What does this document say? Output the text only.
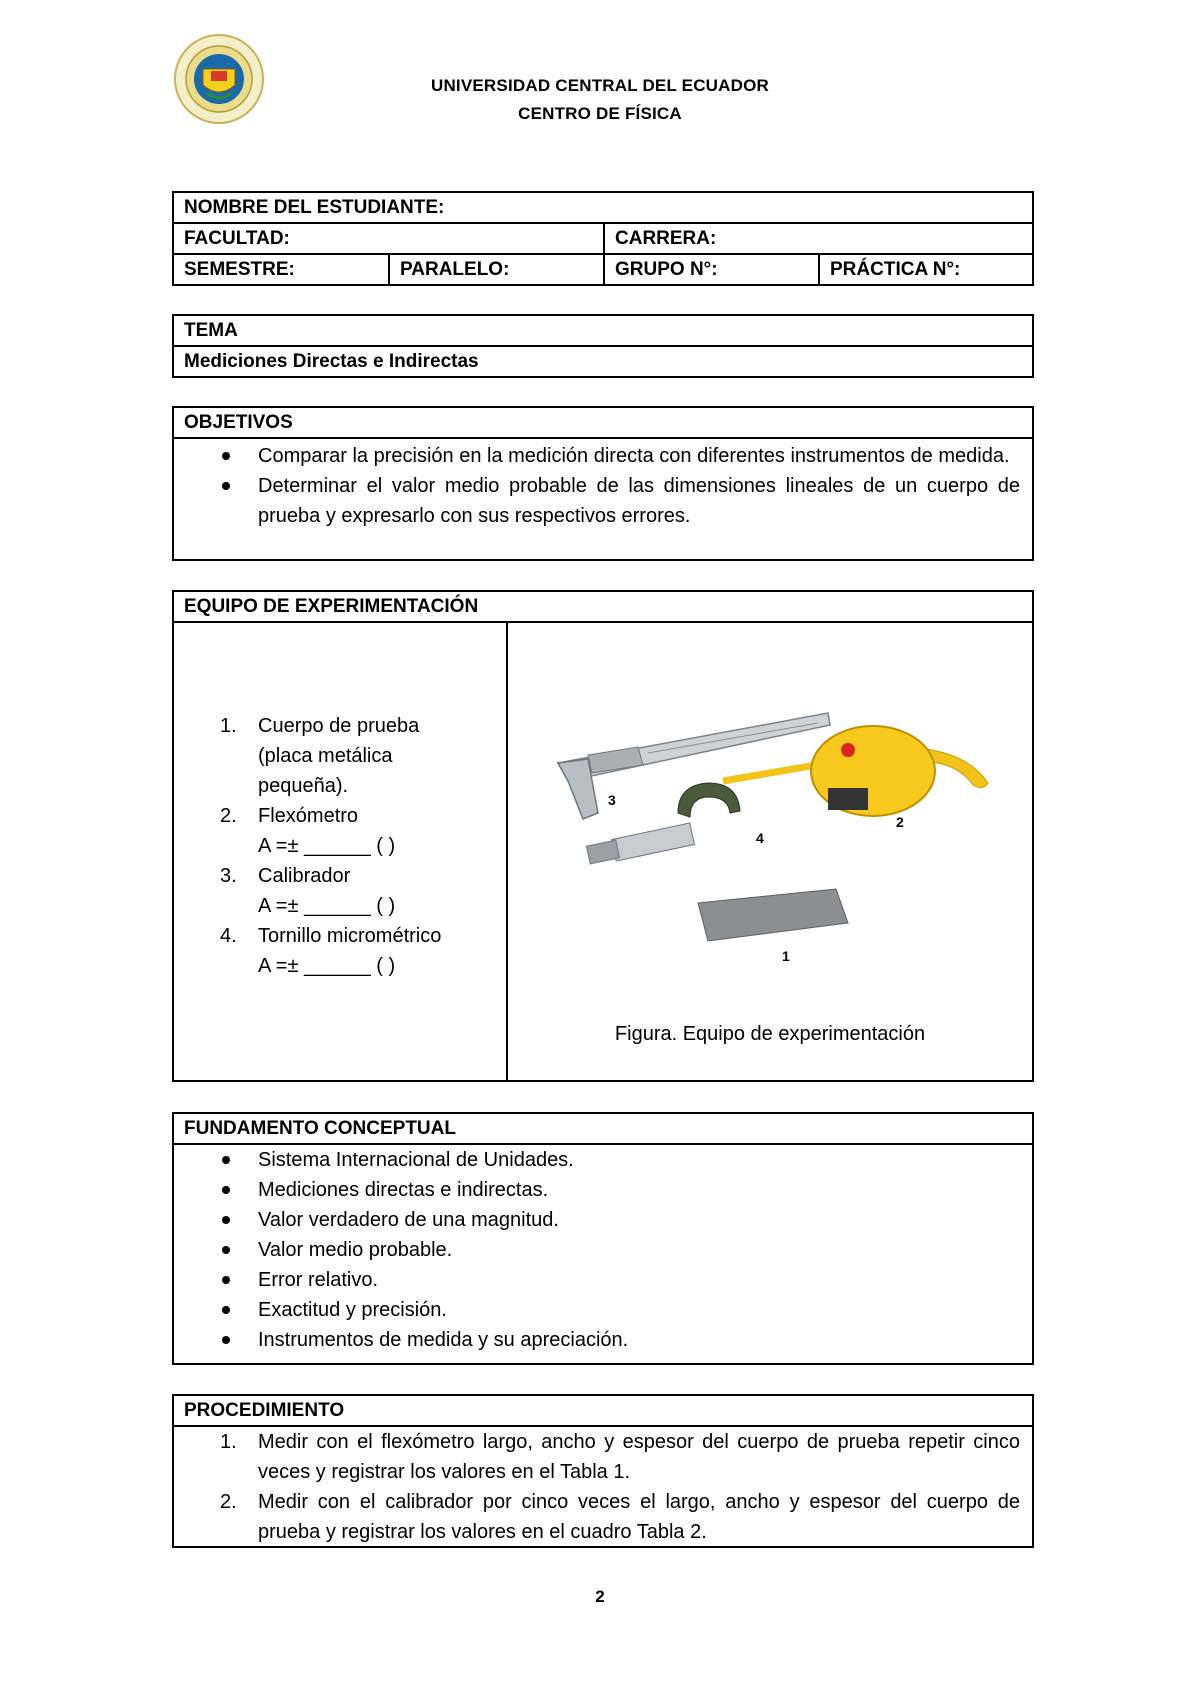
UNIVERSIDAD CENTRAL DEL ECUADOR
CENTRO DE FÍSICA
NOMBRE DEL ESTUDIANTE:
FACULTAD:	CARRERA:
SEMESTRE:	PARALELO:	GRUPO N°:	PRÁCTICA N°:
TEMA
Mediciones Directas e Indirectas
OBJETIVOS
Comparar la precisión en la medición directa con diferentes instrumentos de medida.
Determinar el valor medio probable de las dimensiones lineales de un cuerpo de prueba y expresarlo con sus respectivos errores.
EQUIPO DE EXPERIMENTACIÓN
1. Cuerpo de prueba
(placa metálica
pequeña).
2. Flexómetro
A =± ______ ( )
3. Calibrador
A =± ______ ( )
4. Tornillo micrométrico
A =± ______ ( )
3
2
4
1
Figura. Equipo de experimentación
FUNDAMENTO CONCEPTUAL
Sistema Internacional de Unidades.
Mediciones directas e indirectas.
Valor verdadero de una magnitud.
Valor medio probable.
Error relativo.
Exactitud y precisión.
Instrumentos de medida y su apreciación.
PROCEDIMIENTO
1. Medir con el flexómetro largo, ancho y espesor del cuerpo de prueba repetir cinco veces y registrar los valores en el Tabla 1.
2. Medir con el calibrador por cinco veces el largo, ancho y espesor del cuerpo de prueba y registrar los valores en el cuadro Tabla 2.
2
